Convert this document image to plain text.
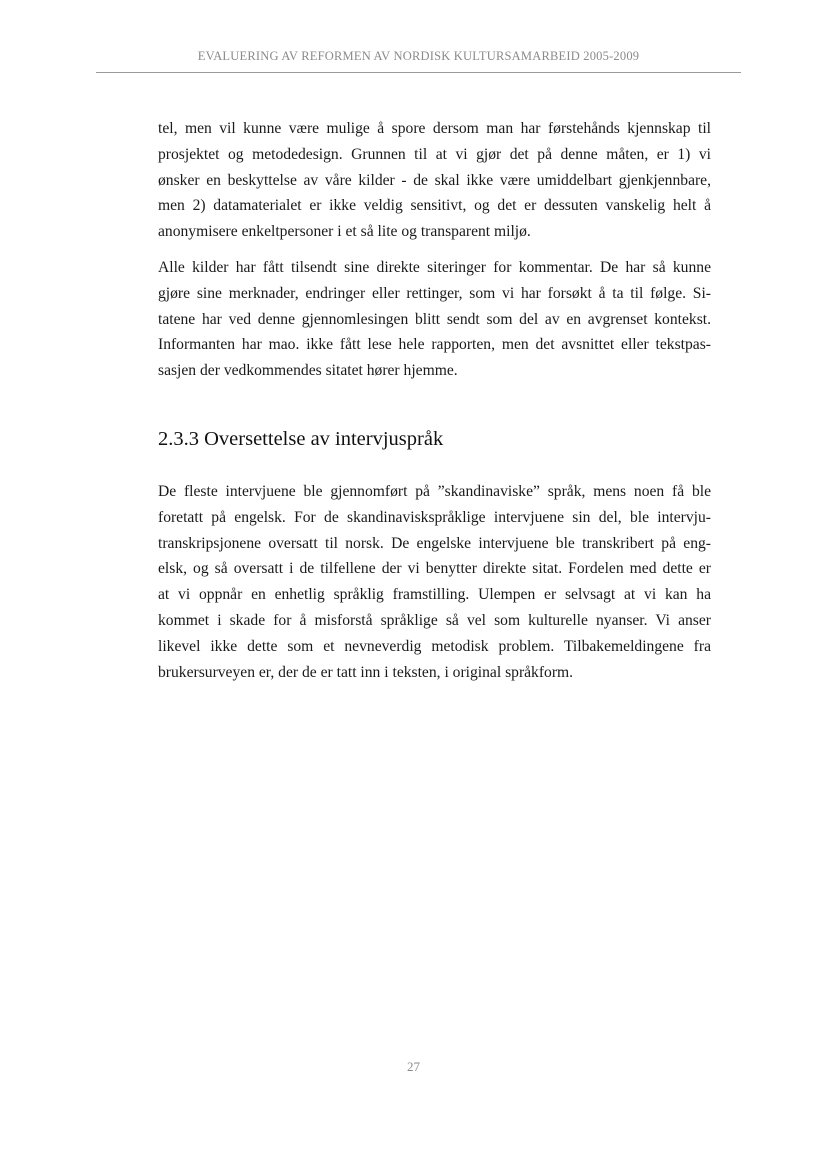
EVALUERING AV REFORMEN AV NORDISK KULTURSAMARBEID 2005-2009

tel, men vil kunne være mulige å spore dersom man har førstehånds kjennskap til
prosjektet og metodedesign. Grunnen til at vi gjør det på denne måten, er 1) vi
ønsker en beskyttelse av våre kilder - de skal ikke være umiddelbart gjenkjennbare,
men 2) datamaterialet er ikke veldig sensitivt, og det er dessuten vanskelig helt å
anonymisere enkeltpersoner i et så lite og transparent miljø.

Alle kilder har fått tilsendt sine direkte siteringer for kommentar. De har så kunne
gjøre sine merknader, endringer eller rettinger, som vi har forsøkt å ta til følge. Si-
tatene har ved denne gjennomlesingen blitt sendt som del av en avgrenset kontekst.
Informanten har mao. ikke fått lese hele rapporten, men det avsnittet eller tekstpas-
sasjen der vedkommendes sitatet hører hjemme.

2.3.3 Oversettelse av intervjuspråk

De fleste intervjuene ble gjennomført på ”skandinaviske” språk, mens noen få ble
foretatt på engelsk. For de skandinaviskspråklige intervjuene sin del, ble intervju-
transkripsjonene oversatt til norsk. De engelske intervjuene ble transkribert på eng-
elsk, og så oversatt i de tilfellene der vi benytter direkte sitat. Fordelen med dette er
at vi oppnår en enhetlig språklig framstilling. Ulempen er selvsagt at vi kan ha
kommet i skade for å misforstå språklige så vel som kulturelle nyanser. Vi anser
likevel ikke dette som et nevneverdig metodisk problem. Tilbakemeldingene fra
brukersurveyen er, der de er tatt inn i teksten, i original språkform.

27
